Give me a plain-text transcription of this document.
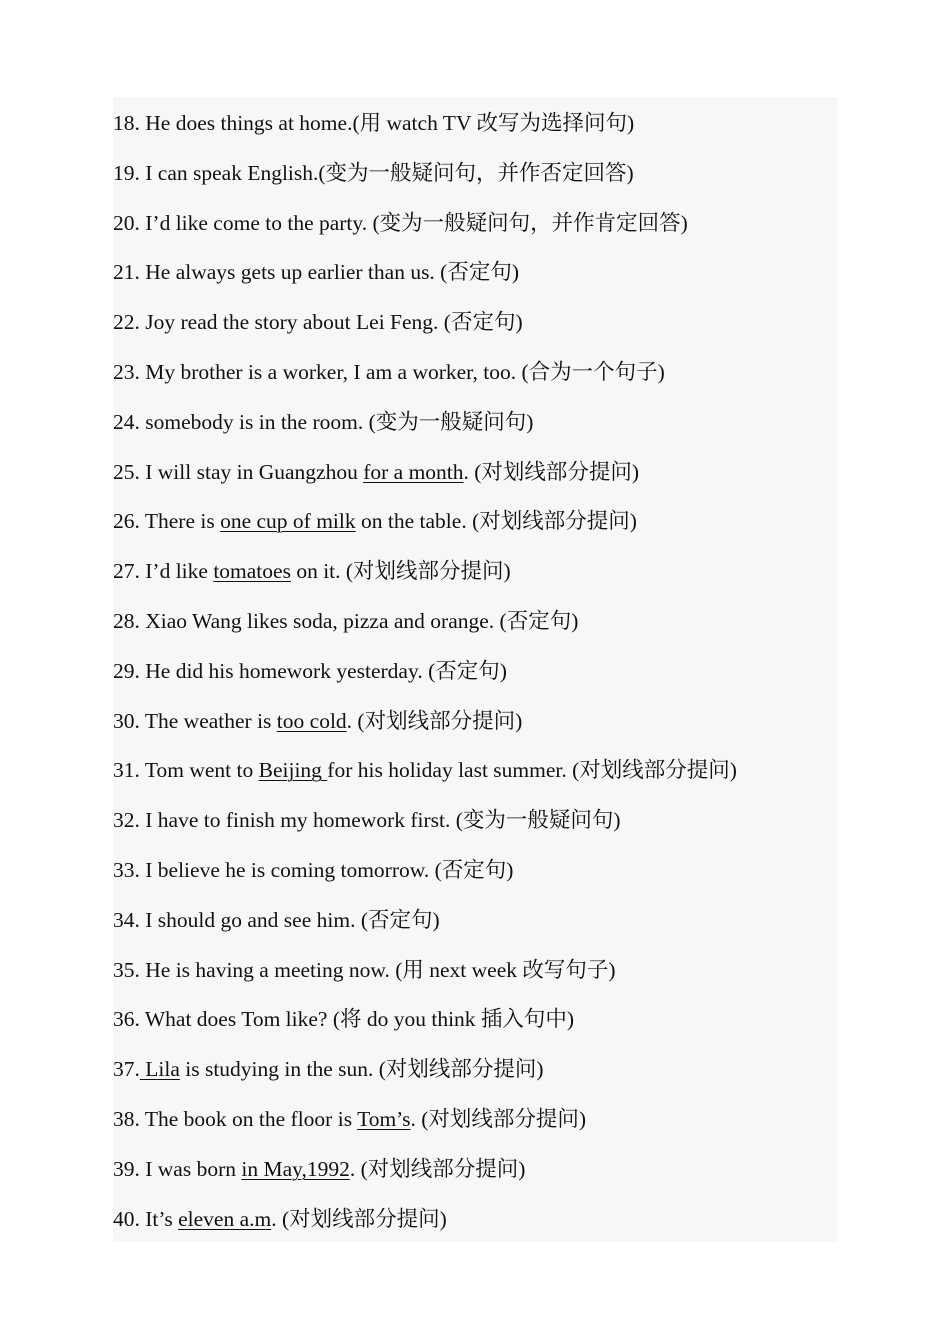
18. He does things at home.(用 watch TV 改写为选择问句)
19. I can speak English.(变为一般疑问句，并作否定回答)
20. I’d like come to the party. (变为一般疑问句，并作肯定回答)
21. He always gets up earlier than us. (否定句)
22. Joy read the story about Lei Feng. (否定句)
23. My brother is a worker, I am a worker, too. (合为一个句子)
24. somebody is in the room. (变为一般疑问句)
25. I will stay in Guangzhou for a month. (对划线部分提问)
26. There is one cup of milk on the table. (对划线部分提问)
27. I’d like tomatoes on it. (对划线部分提问)
28. Xiao Wang likes soda, pizza and orange. (否定句)
29. He did his homework yesterday. (否定句)
30. The weather is too cold. (对划线部分提问)
31. Tom went to Beijing for his holiday last summer. (对划线部分提问)
32. I have to finish my homework first. (变为一般疑问句)
33. I believe he is coming tomorrow. (否定句)
34. I should go and see him. (否定句)
35. He is having a meeting now. (用 next week 改写句子)
36. What does Tom like? (将 do you think 插入句中)
37. Lila is studying in the sun. (对划线部分提问)
38. The book on the floor is Tom’s. (对划线部分提问)
39. I was born in May,1992. (对划线部分提问)
40. It’s eleven a.m. (对划线部分提问)
